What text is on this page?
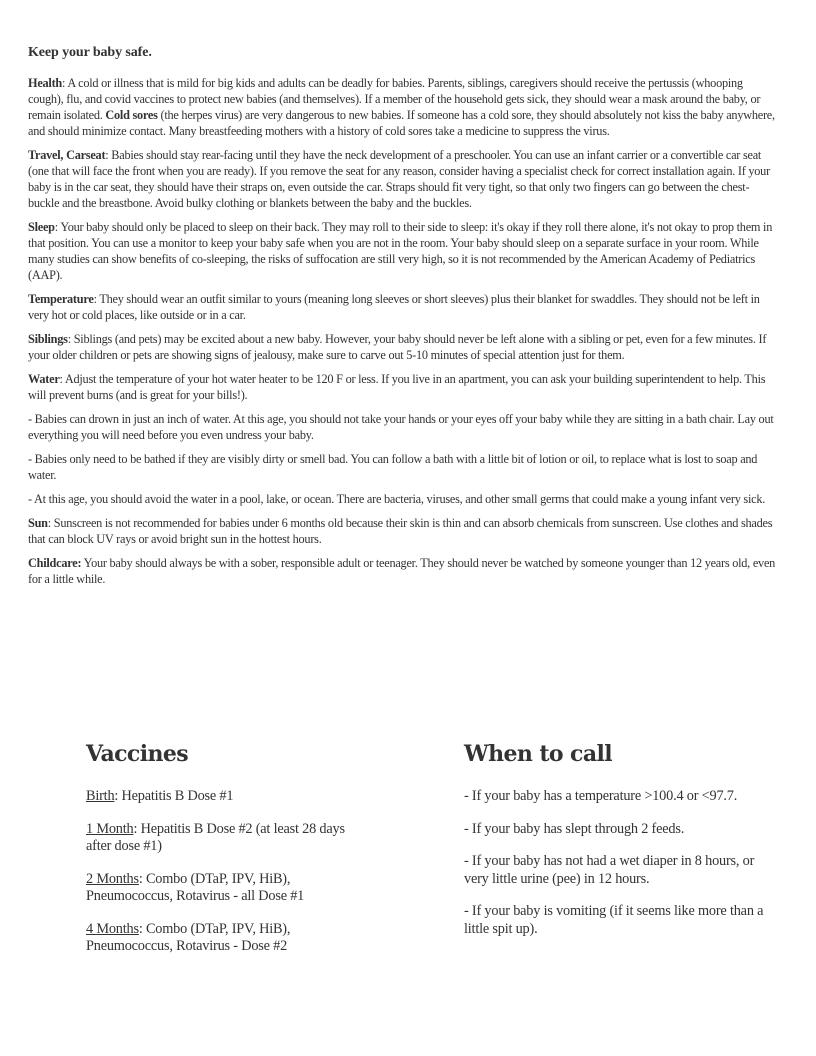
Keep your baby safe.

Health: A cold or illness that is mild for big kids and adults can be deadly for babies. Parents, siblings, caregivers should receive the pertussis (whooping cough), flu, and covid vaccines to protect new babies (and themselves). If a member of the household gets sick, they should wear a mask around the baby, or remain isolated. Cold sores (the herpes virus) are very dangerous to new babies. If someone has a cold sore, they should absolutely not kiss the baby anywhere, and should minimize contact. Many breastfeeding mothers with a history of cold sores take a medicine to suppress the virus.

Travel, Carseat: Babies should stay rear-facing until they have the neck development of a preschooler. You can use an infant carrier or a convertible car seat (one that will face the front when you are ready). If you remove the seat for any reason, consider having a specialist check for correct installation again. If your baby is in the car seat, they should have their straps on, even outside the car. Straps should fit very tight, so that only two fingers can go between the chest-buckle and the breastbone. Avoid bulky clothing or blankets between the baby and the buckles.

Sleep: Your baby should only be placed to sleep on their back. They may roll to their side to sleep: it's okay if they roll there alone, it's not okay to prop them in that position. You can use a monitor to keep your baby safe when you are not in the room. Your baby should sleep on a separate surface in your room. While many studies can show benefits of co-sleeping, the risks of suffocation are still very high, so it is not recommended by the American Academy of Pediatrics (AAP).

Temperature: They should wear an outfit similar to yours (meaning long sleeves or short sleeves) plus their blanket for swaddles. They should not be left in very hot or cold places, like outside or in a car.

Siblings: Siblings (and pets) may be excited about a new baby. However, your baby should never be left alone with a sibling or pet, even for a few minutes. If your older children or pets are showing signs of jealousy, make sure to carve out 5-10 minutes of special attention just for them.

Water: Adjust the temperature of your hot water heater to be 120 F or less. If you live in an apartment, you can ask your building superintendent to help. This will prevent burns (and is great for your bills!).

- Babies can drown in just an inch of water. At this age, you should not take your hands or your eyes off your baby while they are sitting in a bath chair. Lay out everything you will need before you even undress your baby.

- Babies only need to be bathed if they are visibly dirty or smell bad. You can follow a bath with a little bit of lotion or oil, to replace what is lost to soap and water.

- At this age, you should avoid the water in a pool, lake, or ocean. There are bacteria, viruses, and other small germs that could make a young infant very sick.

Sun: Sunscreen is not recommended for babies under 6 months old because their skin is thin and can absorb chemicals from sunscreen. Use clothes and shades that can block UV rays or avoid bright sun in the hottest hours.

Childcare: Your baby should always be with a sober, responsible adult or teenager. They should never be watched by someone younger than 12 years old, even for a little while.

Vaccines

Birth: Hepatitis B Dose #1

1 Month: Hepatitis B Dose #2 (at least 28 days after dose #1)

2 Months: Combo (DTaP, IPV, HiB), Pneumococcus, Rotavirus - all Dose #1

4 Months: Combo (DTaP, IPV, HiB), Pneumococcus, Rotavirus - Dose #2

When to call

- If your baby has a temperature >100.4 or <97.7.

- If your baby has slept through 2 feeds.

- If your baby has not had a wet diaper in 8 hours, or very little urine (pee) in 12 hours.

- If your baby is vomiting (if it seems like more than a little spit up).
